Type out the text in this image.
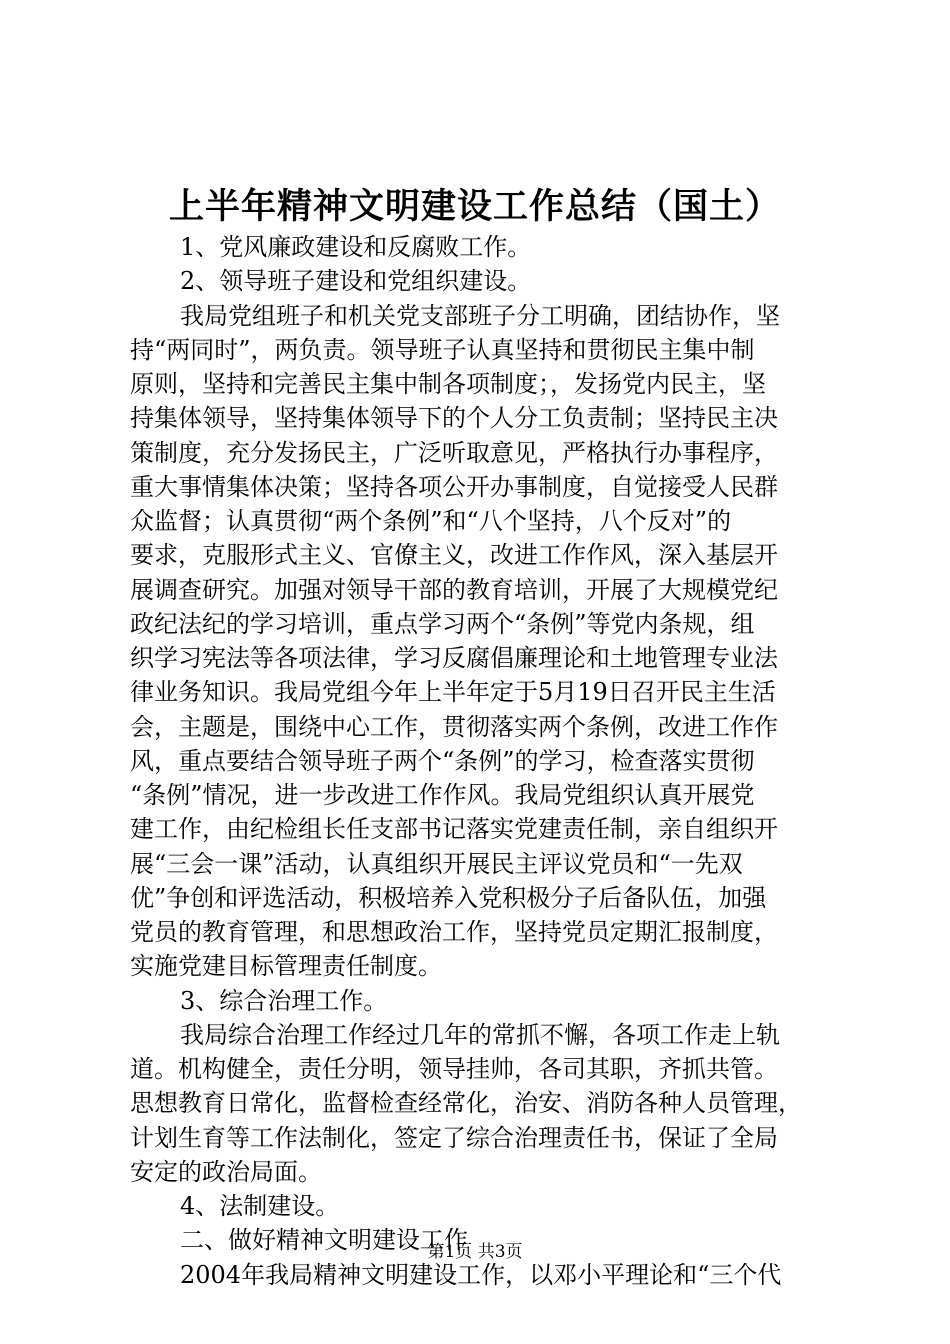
上半年精神文明建设工作总结（国土）
1、党风廉政建设和反腐败工作。
2、领导班子建设和党组织建设。
我局党组班子和机关党支部班子分工明确，团结协作，坚
持“两同时”，两负责。领导班子认真坚持和贯彻民主集中制
原则，坚持和完善民主集中制各项制度；，发扬党内民主，坚
持集体领导，坚持集体领导下的个人分工负责制；坚持民主决
策制度，充分发扬民主，广泛听取意见，严格执行办事程序，
重大事情集体决策；坚持各项公开办事制度，自觉接受人民群
众监督；认真贯彻“两个条例”和“八个坚持，八个反对”的
要求，克服形式主义、官僚主义，改进工作作风，深入基层开
展调查研究。加强对领导干部的教育培训，开展了大规模党纪
政纪法纪的学习培训，重点学习两个“条例”等党内条规，组
织学习宪法等各项法律，学习反腐倡廉理论和土地管理专业法
律业务知识。我局党组今年上半年定于5月19日召开民主生活
会，主题是，围绕中心工作，贯彻落实两个条例，改进工作作
风，重点要结合领导班子两个“条例”的学习，检查落实贯彻
“条例”情况，进一步改进工作作风。我局党组织认真开展党
建工作，由纪检组长任支部书记落实党建责任制，亲自组织开
展“三会一课”活动，认真组织开展民主评议党员和“一先双
优”争创和评选活动，积极培养入党积极分子后备队伍，加强
党员的教育管理，和思想政治工作，坚持党员定期汇报制度，
实施党建目标管理责任制度。
3、综合治理工作。
我局综合治理工作经过几年的常抓不懈，各项工作走上轨
道。机构健全，责任分明，领导挂帅，各司其职，齐抓共管。
思想教育日常化，监督检查经常化，治安、消防各种人员管理，
计划生育等工作法制化，签定了综合治理责任书，保证了全局
安定的政治局面。
4、法制建设。
二、做好精神文明建设工作
2004年我局精神文明建设工作，以邓小平理论和“三个代
第1页 共3页
